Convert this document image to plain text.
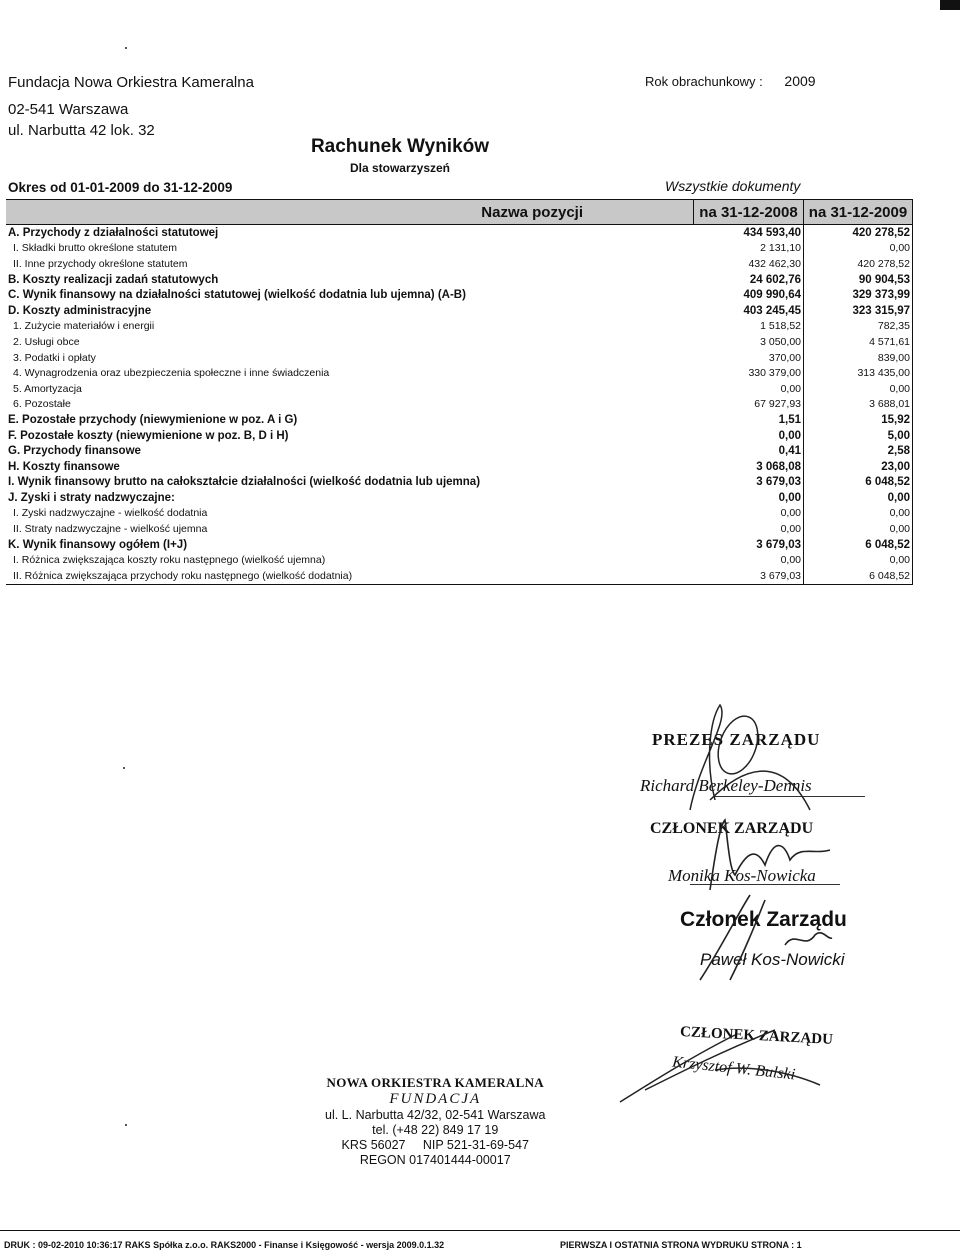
Fundacja Nowa Orkiestra Kameralna
02-541 Warszawa
ul. Narbutta 42 lok. 32
Rok obrachunkowy : 2009
Rachunek Wyników
Dla stowarzyszeń
Okres od 01-01-2009 do 31-12-2009	Wszystkie dokumenty
Nazwa pozycji	na 31-12-2008	na 31-12-2009
A. Przychody z działalności statutowej	434 593,40	420 278,52
I. Składki brutto określone statutem	2 131,10	0,00
II. Inne przychody określone statutem	432 462,30	420 278,52
B. Koszty realizacji zadań statutowych	24 602,76	90 904,53
C. Wynik finansowy na działalności statutowej (wielkość dodatnia lub ujemna) (A-B)	409 990,64	329 373,99
D. Koszty administracyjne	403 245,45	323 315,97
1. Zużycie materiałów i energii	1 518,52	782,35
2. Usługi obce	3 050,00	4 571,61
3. Podatki i opłaty	370,00	839,00
4. Wynagrodzenia oraz ubezpieczenia społeczne i inne świadczenia	330 379,00	313 435,00
5. Amortyzacja	0,00	0,00
6. Pozostałe	67 927,93	3 688,01
E. Pozostałe przychody (niewymienione w poz. A i G)	1,51	15,92
F. Pozostałe koszty (niewymienione w poz. B, D i H)	0,00	5,00
G. Przychody finansowe	0,41	2,58
H. Koszty finansowe	3 068,08	23,00
I. Wynik finansowy brutto na całokształcie działalności (wielkość dodatnia lub ujemna)	3 679,03	6 048,52
J. Zyski i straty nadzwyczajne:	0,00	0,00
I. Zyski nadzwyczajne - wielkość dodatnia	0,00	0,00
II. Straty nadzwyczajne - wielkość ujemna	0,00	0,00
K. Wynik finansowy ogółem (I+J)	3 679,03	6 048,52
I. Różnica zwiększająca koszty roku następnego (wielkość ujemna)	0,00	0,00
II. Różnica zwiększająca przychody roku następnego (wielkość dodatnia)	3 679,03	6 048,52
PREZES ZARZĄDU
Richard Berkeley-Dennis
CZŁONEK ZARZĄDU
Monika Kos-Nowicka
Członek Zarządu
Paweł Kos-Nowicki
CZŁONEK ZARZĄDU
Krzysztof W. Bulski
NOWA ORKIESTRA KAMERALNA
FUNDACJA
ul. L. Narbutta 42/32, 02-541 Warszawa
tel. (+48 22) 849 17 19
KRS 56027     NIP 521-31-69-547
REGON 017401444-00017
DRUK : 09-02-2010 10:36:17 RAKS Spółka z.o.o. RAKS2000 - Finanse i Księgowość - wersja 2009.0.1.32	PIERWSZA I OSTATNIA STRONA WYDRUKU STRONA : 1
